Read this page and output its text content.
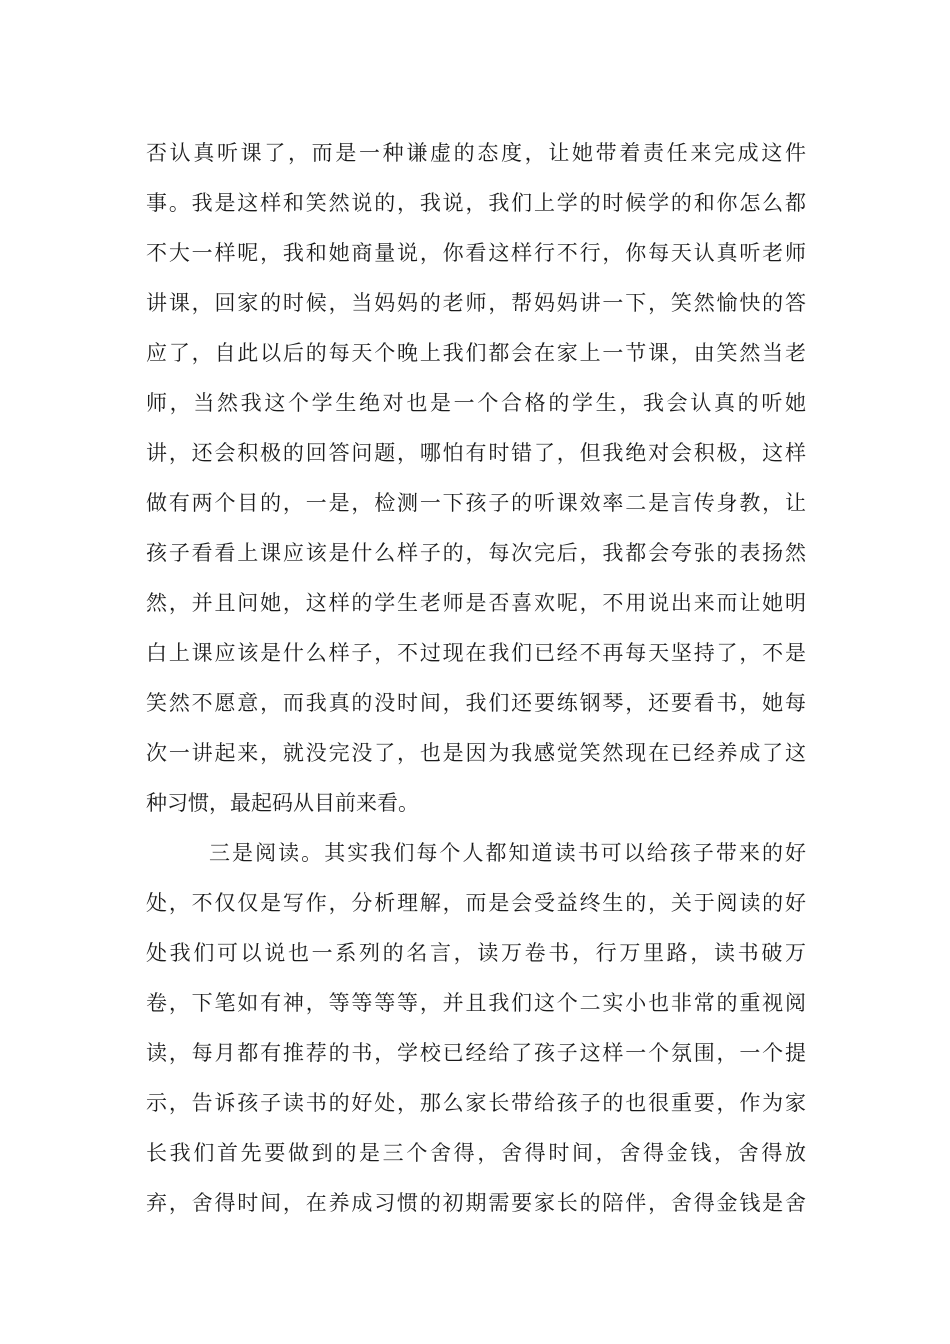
否认真听课了，而是一种谦虚的态度，让她带着责任来完成这件
事。我是这样和笑然说的，我说，我们上学的时候学的和你怎么都
不大一样呢，我和她商量说，你看这样行不行，你每天认真听老师
讲课，回家的时候，当妈妈的老师，帮妈妈讲一下，笑然愉快的答
应了，自此以后的每天个晚上我们都会在家上一节课，由笑然当老
师，当然我这个学生绝对也是一个合格的学生，我会认真的听她
讲，还会积极的回答问题，哪怕有时错了，但我绝对会积极，这样
做有两个目的，一是，检测一下孩子的听课效率二是言传身教，让
孩子看看上课应该是什么样子的，每次完后，我都会夸张的表扬然
然，并且问她，这样的学生老师是否喜欢呢，不用说出来而让她明
白上课应该是什么样子，不过现在我们已经不再每天坚持了，不是
笑然不愿意，而我真的没时间，我们还要练钢琴，还要看书，她每
次一讲起来，就没完没了，也是因为我感觉笑然现在已经养成了这
种习惯，最起码从目前来看。
三是阅读。其实我们每个人都知道读书可以给孩子带来的好
处，不仅仅是写作，分析理解，而是会受益终生的，关于阅读的好
处我们可以说也一系列的名言，读万卷书，行万里路，读书破万
卷，下笔如有神，等等等等，并且我们这个二实小也非常的重视阅
读，每月都有推荐的书，学校已经给了孩子这样一个氛围，一个提
示，告诉孩子读书的好处，那么家长带给孩子的也很重要，作为家
长我们首先要做到的是三个舍得，舍得时间，舍得金钱，舍得放
弃，舍得时间，在养成习惯的初期需要家长的陪伴，舍得金钱是舍
